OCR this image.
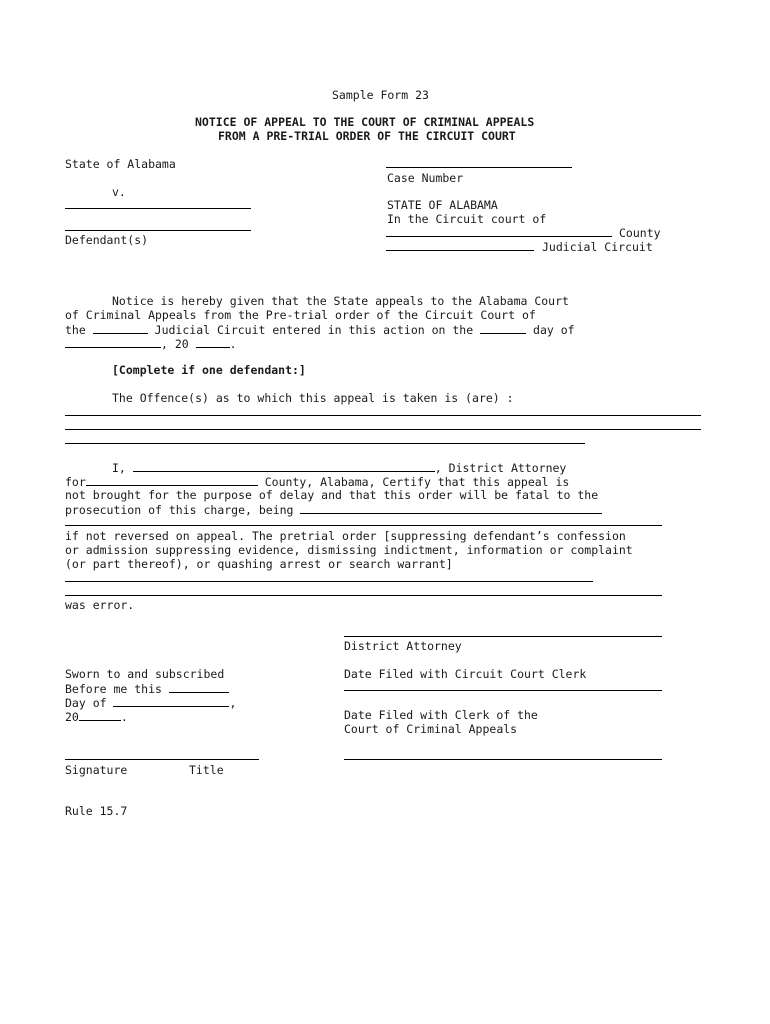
Sample Form 23
NOTICE OF APPEAL TO THE COURT OF CRIMINAL APPEALS
FROM A PRE-TRIAL ORDER OF THE CIRCUIT COURT
State of Alabama
v.
Defendant(s)
Case Number
STATE OF ALABAMA
In the Circuit court of
County
Judicial Circuit
Notice is hereby given that the State appeals to the Alabama Court
of Criminal Appeals from the Pre-trial order of the Circuit Court of
the	Judicial Circuit entered in this action on the	day of
, 20	.
[Complete if one defendant:]
The Offence(s) as to which this appeal is taken is (are) :
I,	, District Attorney
for	County, Alabama, Certify that this appeal is
not brought for the purpose of delay and that this order will be fatal to the
prosecution of this charge, being
if not reversed on appeal. The pretrial order [suppressing defendant’s confession
or admission suppressing evidence, dismissing indictment, information or complaint
(or part thereof), or quashing arrest or search warrant]
was error.
District Attorney
Sworn to and subscribed
Before me this
Day of	,
20	.
Date Filed with Circuit Court Clerk
Date Filed with Clerk of the
Court of Criminal Appeals
Signature	Title
Rule 15.7
